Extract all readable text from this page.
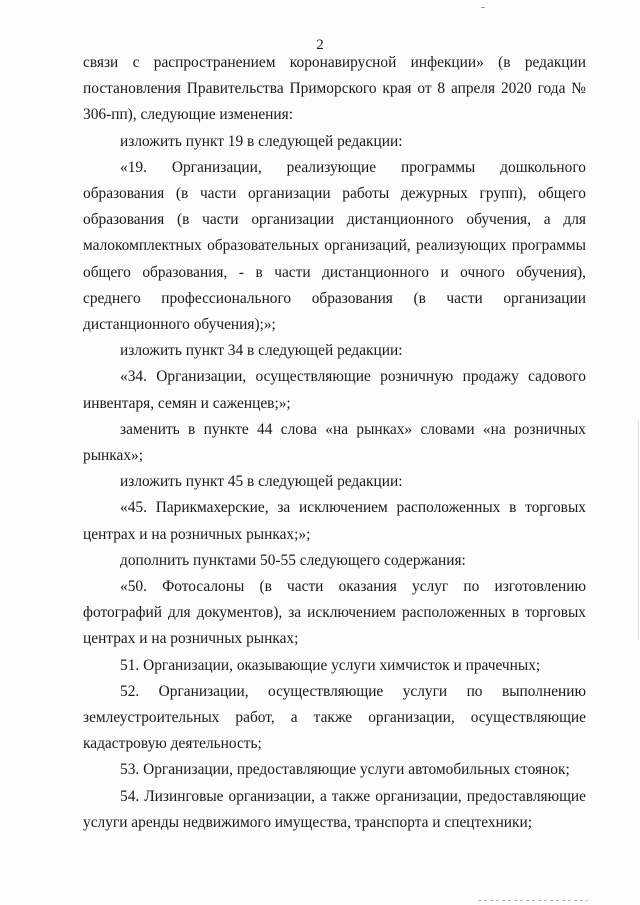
2

связи с распространением коронавирусной инфекции» (в редакции постановления Правительства Приморского края от 8 апреля 2020 года № 306-пп), следующие изменения:

изложить пункт 19 в следующей редакции:

«19. Организации, реализующие программы дошкольного образования (в части организации работы дежурных групп), общего образования (в части организации дистанционного обучения, а для малокомплектных образовательных организаций, реализующих программы общего образования, - в части дистанционного и очного обучения), среднего профессионального образования (в части организации дистанционного обучения);»;

изложить пункт 34 в следующей редакции:

«34. Организации, осуществляющие розничную продажу садового инвентаря, семян и саженцев;»;

заменить в пункте 44 слова «на рынках» словами «на розничных рынках»;

изложить пункт 45 в следующей редакции:

«45. Парикмахерские, за исключением расположенных в торговых центрах и на розничных рынках;»;

дополнить пунктами 50-55 следующего содержания:

«50. Фотосалоны (в части оказания услуг по изготовлению фотографий для документов), за исключением расположенных в торговых центрах и на розничных рынках;

51. Организации, оказывающие услуги химчисток и прачечных;

52. Организации, осуществляющие услуги по выполнению землеустроительных работ, а также организации, осуществляющие кадастровую деятельность;

53. Организации, предоставляющие услуги автомобильных стоянок;

54. Лизинговые организации, а также организации, предоставляющие услуги аренды недвижимого имущества, транспорта и спецтехники;
